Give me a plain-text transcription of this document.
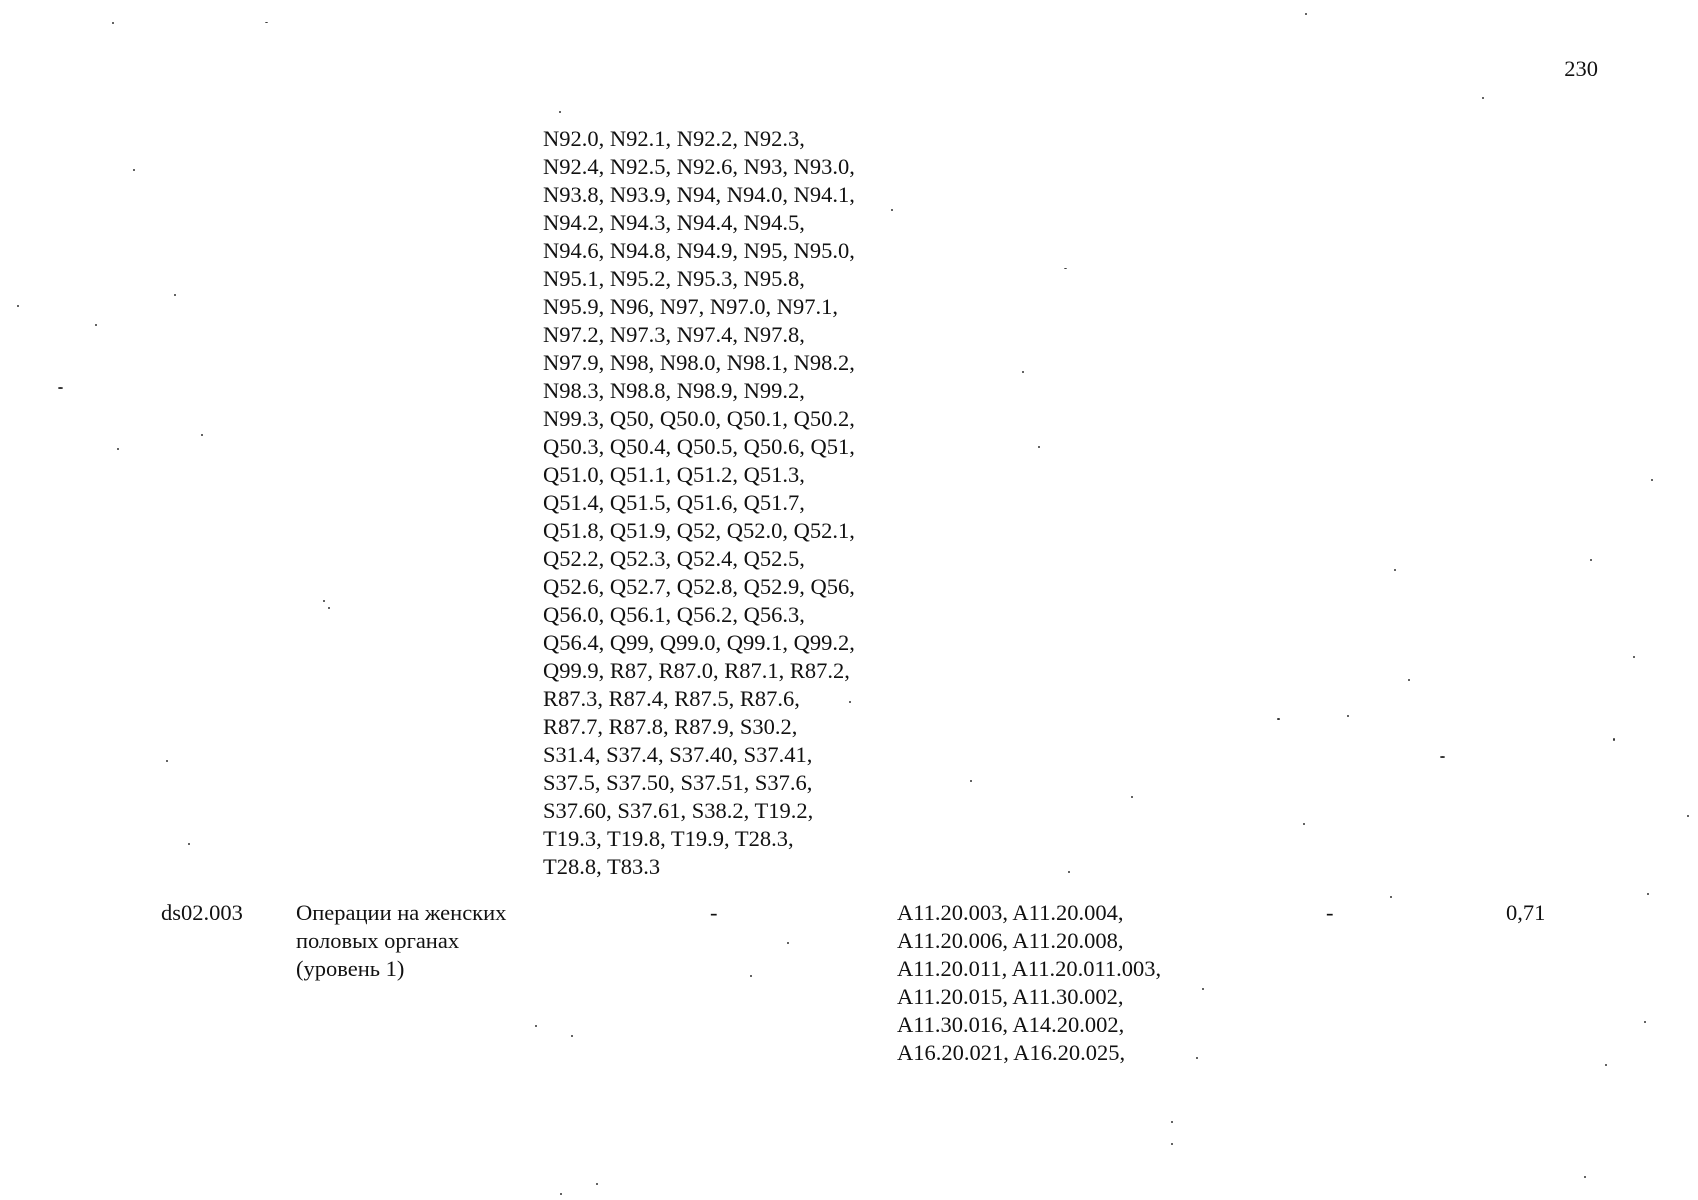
230
N92.0, N92.1, N92.2, N92.3,
N92.4, N92.5, N92.6, N93, N93.0,
N93.8, N93.9, N94, N94.0, N94.1,
N94.2, N94.3, N94.4, N94.5,
N94.6, N94.8, N94.9, N95, N95.0,
N95.1, N95.2, N95.3, N95.8,
N95.9, N96, N97, N97.0, N97.1,
N97.2, N97.3, N97.4, N97.8,
N97.9, N98, N98.0, N98.1, N98.2,
N98.3, N98.8, N98.9, N99.2,
N99.3, Q50, Q50.0, Q50.1, Q50.2,
Q50.3, Q50.4, Q50.5, Q50.6, Q51,
Q51.0, Q51.1, Q51.2, Q51.3,
Q51.4, Q51.5, Q51.6, Q51.7,
Q51.8, Q51.9, Q52, Q52.0, Q52.1,
Q52.2, Q52.3, Q52.4, Q52.5,
Q52.6, Q52.7, Q52.8, Q52.9, Q56,
Q56.0, Q56.1, Q56.2, Q56.3,
Q56.4, Q99, Q99.0, Q99.1, Q99.2,
Q99.9, R87, R87.0, R87.1, R87.2,
R87.3, R87.4, R87.5, R87.6,
R87.7, R87.8, R87.9, S30.2,
S31.4, S37.4, S37.40, S37.41,
S37.5, S37.50, S37.51, S37.6,
S37.60, S37.61, S38.2, T19.2,
T19.3, T19.8, T19.9, T28.3,
T28.8, T83.3
ds02.003 Операции на женских
половых органах
(уровень 1)
-	A11.20.003, A11.20.004,
A11.20.006, A11.20.008,
A11.20.011, A11.20.011.003,
A11.20.015, A11.30.002,
A11.30.016, A14.20.002,
A16.20.021, A16.20.025,
-	0,71
